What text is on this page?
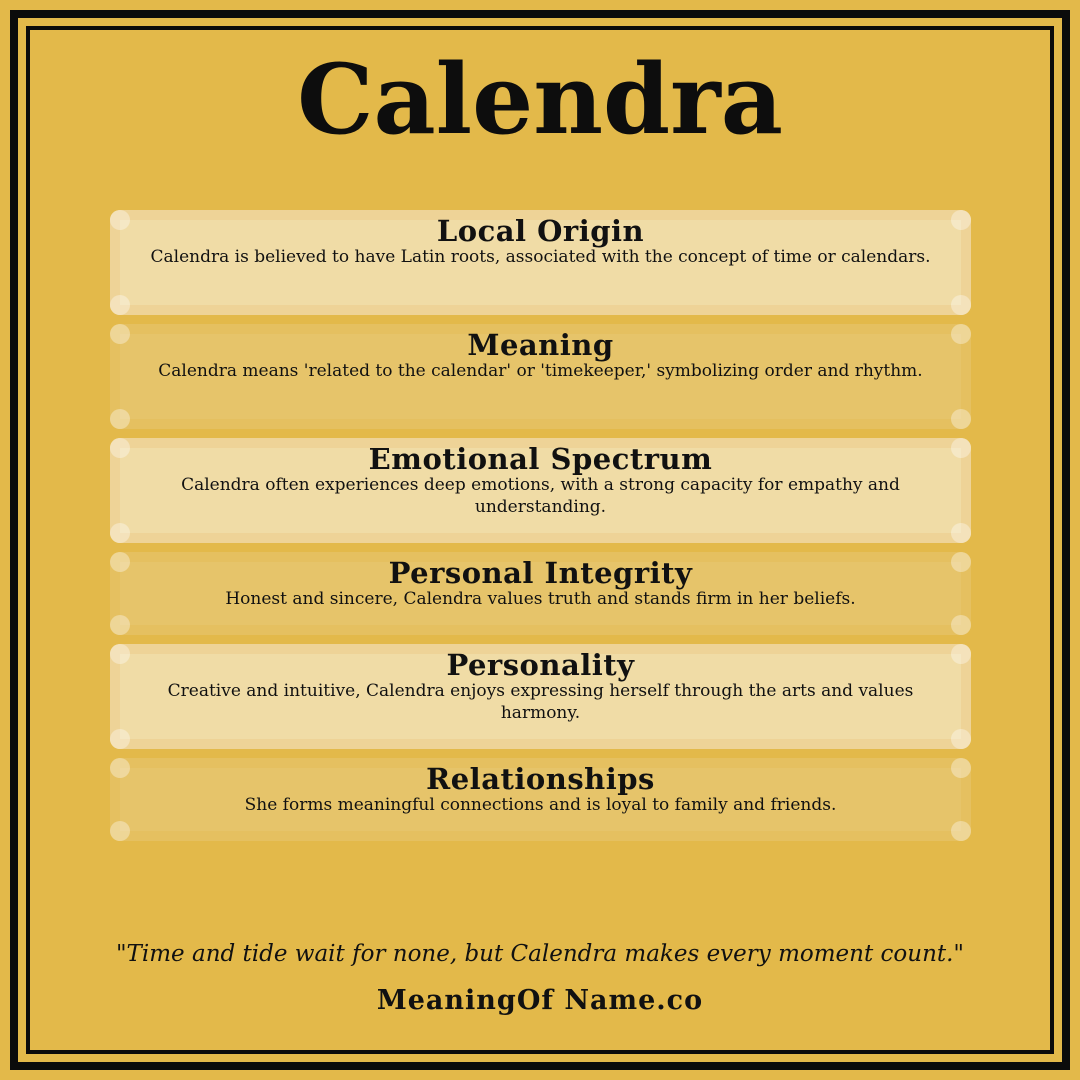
Calendra
Local Origin

Calendra is believed to have Latin roots, associated with the concept of time or calendars.

Meaning

Calendra means 'related to the calendar' or 'timekeeper,' symbolizing order and rhythm.

Emotional Spectrum

Calendra often experiences deep emotions, with a strong capacity for empathy and understanding.

Personal Integrity

Honest and sincere, Calendra values truth and stands firm in her beliefs.

Personality

Creative and intuitive, Calendra enjoys expressing herself through the arts and values harmony.

Relationships

She forms meaningful connections and is loyal to family and friends.

"Time and tide wait for none, but Calendra makes every moment count."
MeaningOf Name.co
